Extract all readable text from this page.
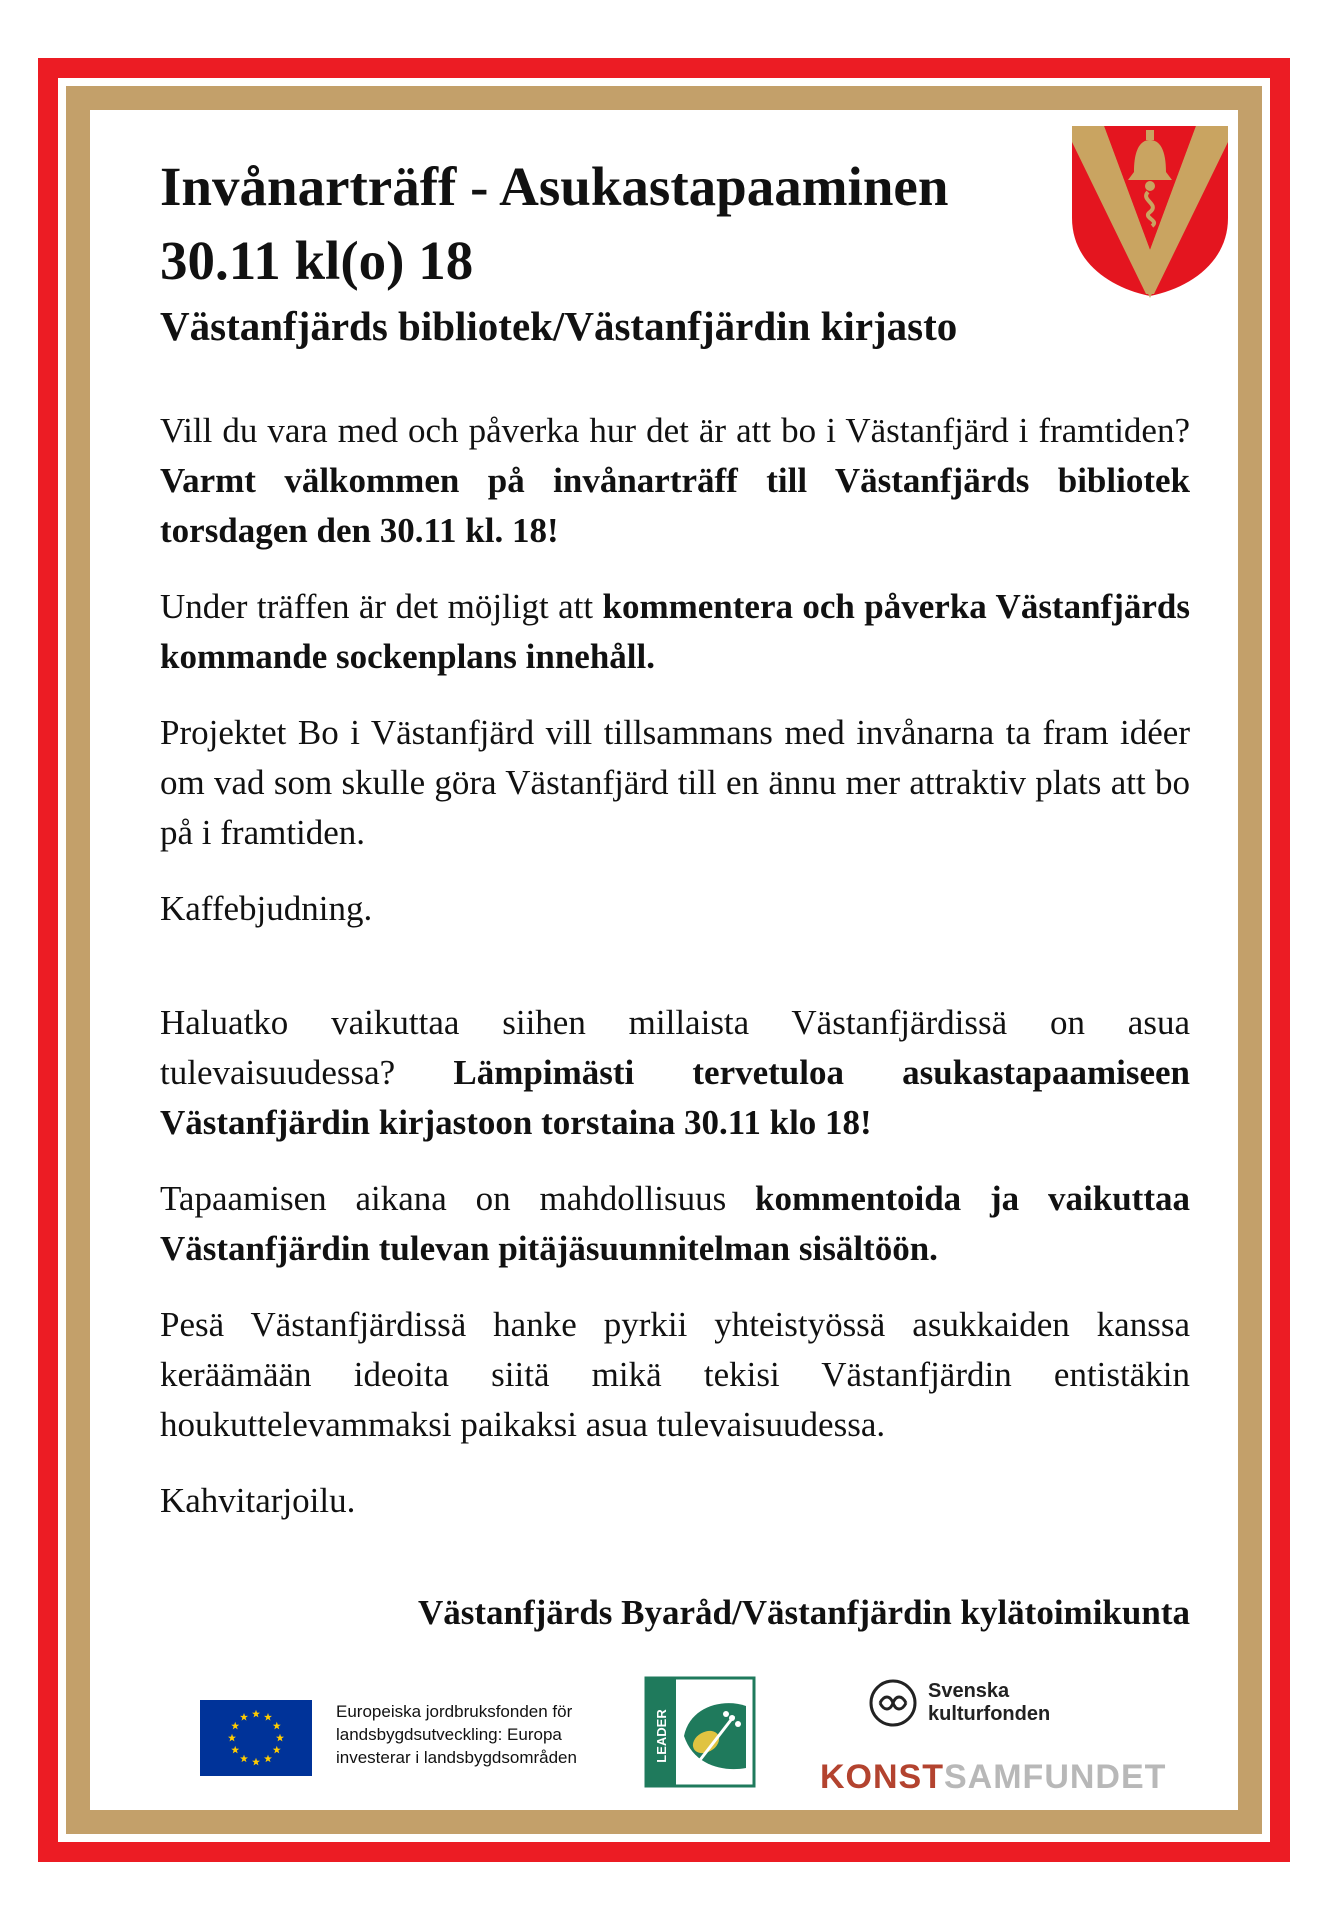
Invånarträff - Asukastapaaminen
30.11 kl(o) 18
Västanfjärds bibliotek/Västanfjärdin kirjasto

Vill du vara med och påverka hur det är att bo i Västanfjärd i framtiden? Varmt välkommen på invånarträff till Västanfjärds bibliotek torsdagen den 30.11 kl. 18!

Under träffen är det möjligt att kommentera och påverka Västanfjärds kommande sockenplans innehåll.

Projektet Bo i Västanfjärd vill tillsammans med invånarna ta fram idéer om vad som skulle göra Västanfjärd till en ännu mer attraktiv plats att bo på i framtiden.

Kaffebjudning.

Haluatko vaikuttaa siihen millaista Västanfjärdissä on asua tulevaisuudessa? Lämpimästi tervetuloa asukastapaamiseen Västanfjärdin kirjastoon torstaina 30.11 klo 18!

Tapaamisen aikana on mahdollisuus kommentoida ja vaikuttaa Västanfjärdin tulevan pitäjäsuunnitelman sisältöön.

Pesä Västanfjärdissä hanke pyrkii yhteistyössä asukkaiden kanssa keräämään ideoita siitä mikä tekisi Västanfjärdin entistäkin houkuttelevammaksi paikaksi asua tulevaisuudessa.

Kahvitarjoilu.

Västanfjärds Byaråd/Västanfjärdin kylätoimikunta
Europeiska jordbruksfonden för
landsbygdsutveckling: Europa
investerar i landsbygdsområden	LEADER
Svenska
kulturfonden
KONSTSAMFUNDET
